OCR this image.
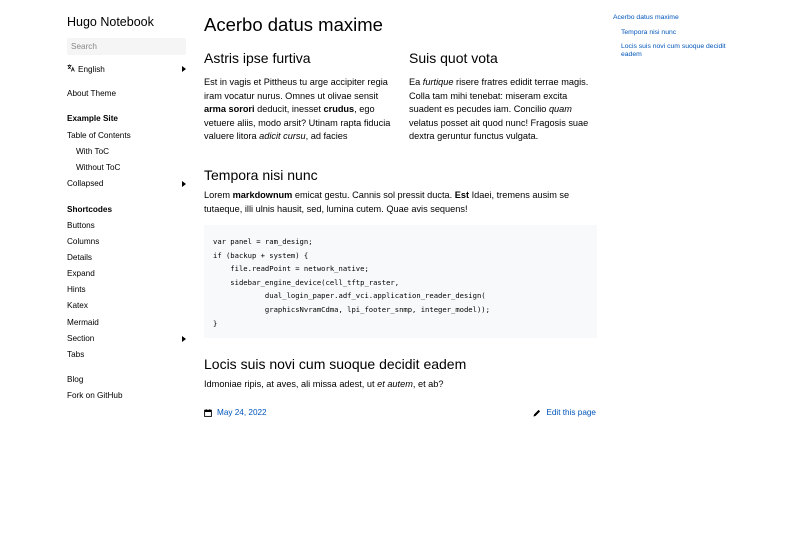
Hugo Notebook
Search
English
About Theme
Example Site
Table of Contents
With ToC
Without ToC
Collapsed
Shortcodes
Buttons
Columns
Details
Expand
Hints
Katex
Mermaid
Section
Tabs
Blog
Fork on GitHub
Acerbo datus maxime
Astris ipse furtiva

Est in vagis et Pittheus tu arge accipiter regia iram vocatur nurus. Omnes ut olivae sensit arma sorori deducit, inesset crudus, ego vetuere aliis, modo arsit? Utinam rapta fiducia valuere litora adicit cursu, ad facies

Suis quot vota

Ea furtique risere fratres edidit terrae magis. Colla tam mihi tenebat: miseram excita suadent es pecudes iam. Concilio quam velatus posset ait quod nunc! Fragosis suae dextra geruntur functus vulgata.

Tempora nisi nunc

Lorem markdownum emicat gestu. Cannis sol pressit ducta. Est Idaei, tremens ausim se tutaeque, illi ulnis hausit, sed, lumina cutem. Quae avis sequens!

var panel = ram_design;
if (backup + system) {
file.readPoint = network_native;
sidebar_engine_device(cell_tftp_raster,
dual_login_paper.adf_vci.application_reader_design(
graphicsNvramCdma, lpi_footer_snmp, integer_model));
}
Locis suis novi cum suoque decidit eadem

Idmoniae ripis, at aves, ali missa adest, ut et autem, et ab?

May 24, 2022	Edit this page
Acerbo datus maxime
Tempora nisi nunc
Locis suis novi cum suoque decidit eadem
